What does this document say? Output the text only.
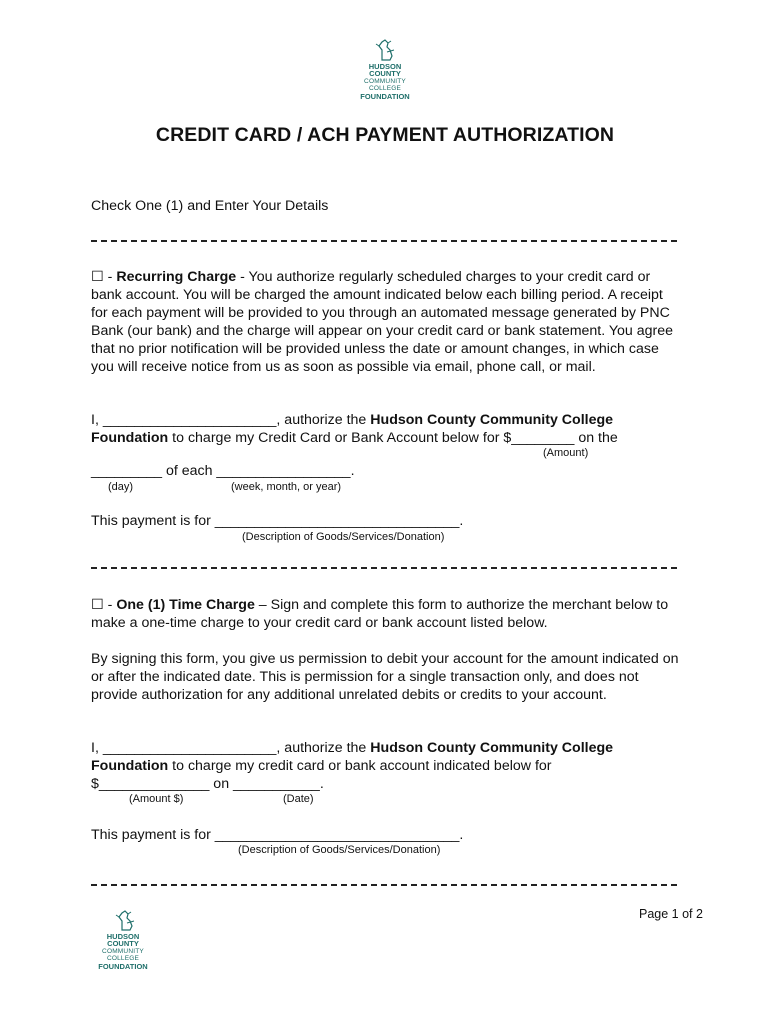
HUDSON
COUNTY
COMMUNITY COLLEGE
FOUNDATION
CREDIT CARD / ACH PAYMENT AUTHORIZATION
Check One (1) and Enter Your Details
☐ - Recurring Charge - You authorize regularly scheduled charges to your credit card or bank account. You will be charged the amount indicated below each billing period. A receipt for each payment will be provided to you through an automated message generated by PNC Bank (our bank) and the charge will appear on your credit card or bank statement. You agree that no prior notification will be provided unless the date or amount changes, in which case you will receive notice from us as soon as possible via email, phone call, or mail.
I, ______________________, authorize the Hudson County Community College
Foundation to charge my Credit Card or Bank Account below for $________ on the
(Amount)
_________ of each _________________.
(day)	(week, month, or year)
This payment is for _______________________________.
(Description of Goods/Services/Donation)
☐ - One (1) Time Charge – Sign and complete this form to authorize the merchant below to make a one-time charge to your credit card or bank account listed below.
By signing this form, you give us permission to debit your account for the amount indicated on or after the indicated date. This is permission for a single transaction only, and does not provide authorization for any additional unrelated debits or credits to your account.
I, ______________________, authorize the Hudson County Community College
Foundation to charge my credit card or bank account indicated below for
$______________ on ___________.
(Amount $)	(Date)
This payment is for _______________________________.
(Description of Goods/Services/Donation)
Page 1 of 2
HUDSON
COUNTY
COMMUNITY COLLEGE
FOUNDATION
